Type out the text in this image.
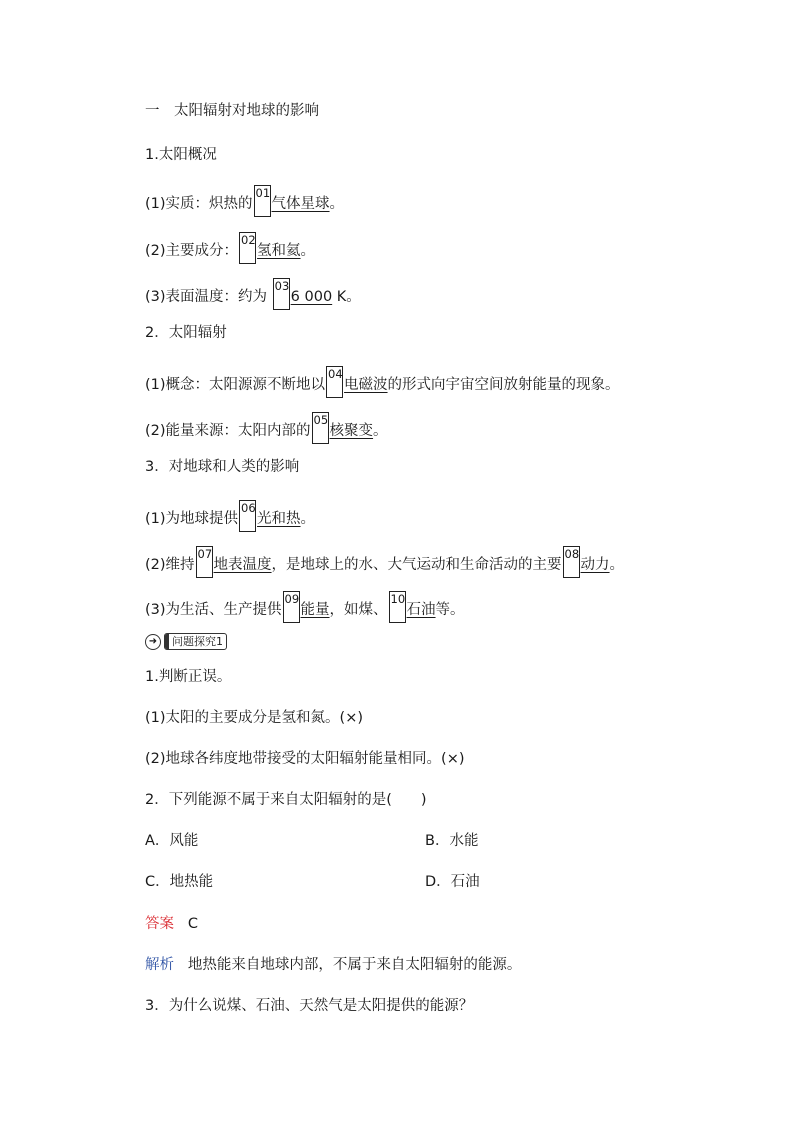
一　太阳辐射对地球的影响
1.太阳概况
(1)实质：炽热的
01
气体星球。
(2)主要成分：
02
氢和氦。
(3)表面温度：约为
03
6 000 K。
2．太阳辐射
(1)概念：太阳源源不断地以
04
电磁波的形式向宇宙空间放射能量的现象。
(2)能量来源：太阳内部的
05
核聚变。
3．对地球和人类的影响
(1)为地球提供
06
光和热。
(2)维持
07
地表温度，是地球上的水、大气运动和生命活动的主要
08
动力。
(3)为生活、生产提供
09
能量，如煤、
10
石油等。
➜	问题探究1
1.判断正误。
(1)太阳的主要成分是氢和氮。(×)
(2)地球各纬度地带接受的太阳辐射能量相同。(×)
2．下列能源不属于来自太阳辐射的是(　　)
A．风能	B．水能
C．地热能	D．石油
答案 C
解析 地热能来自地球内部，不属于来自太阳辐射的能源。
3．为什么说煤、石油、天然气是太阳提供的能源？
